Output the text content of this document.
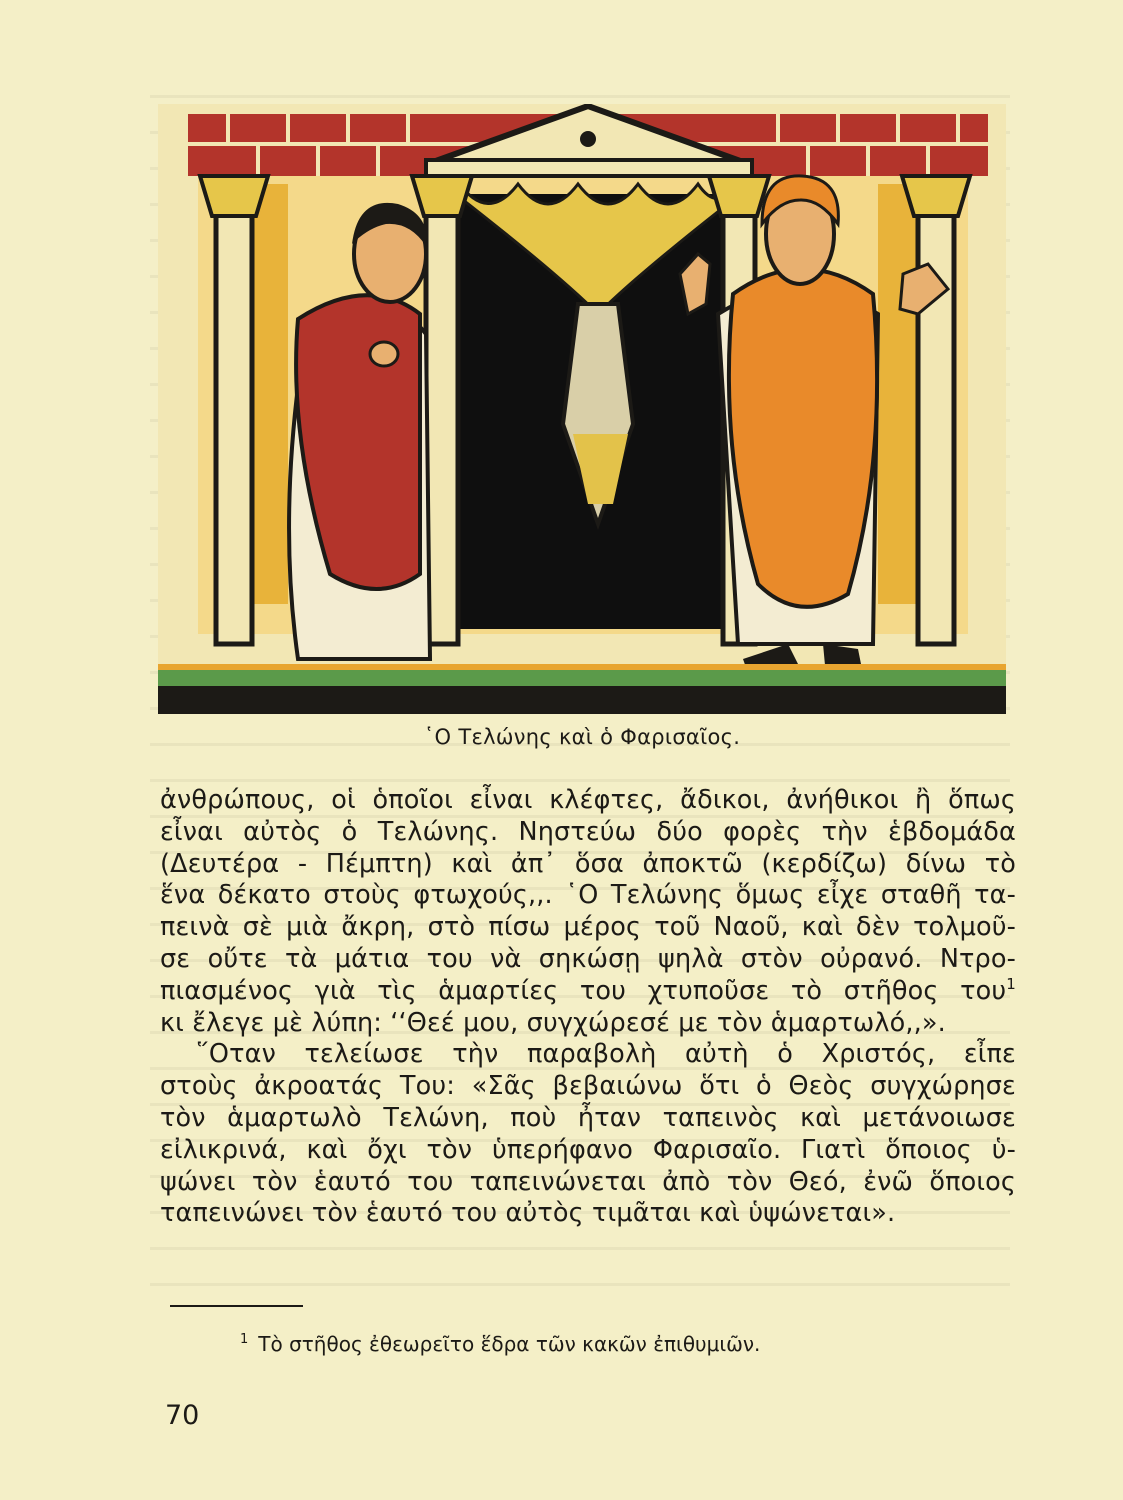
῾Ο Τελώνης καὶ ὁ Φαρισαῖος.
ἀνθρώπους, οἱ ὁποῖοι εἶναι κλέφτες, ἄδικοι, ἀνήθικοι ἢ ὅπως
εἶναι αὐτὸς ὁ Τελώνης. Νηστεύω δύο φορὲς τὴν ἑβδομάδα
(Δευτέρα - Πέμπτη) καὶ ἀπ᾿ ὅσα ἀποκτῶ (κερδίζω) δίνω τὸ
ἕνα δέκατο στοὺς φτωχούς,,. ῾Ο Τελώνης ὅμως εἶχε σταθῆ τα-
πεινὰ σὲ μιὰ ἄκρη, στὸ πίσω μέρος τοῦ Ναοῦ, καὶ δὲν τολμοῦ-
σε οὔτε τὰ μάτια του νὰ σηκώσῃ ψηλὰ στὸν οὐρανό. Ντρο-
πιασμένος γιὰ τὶς ἁμαρτίες του χτυποῦσε τὸ στῆθος του$^1$
κι ἔλεγε μὲ λύπη: ‘‘Θεέ μου, συγχώρεσέ με τὸν ἁμαρτωλό,,».
῞Οταν τελείωσε τὴν παραβολὴ αὐτὴ ὁ Χριστός, εἶπε
στοὺς ἀκροατάς Του: «Σᾶς βεβαιώνω ὅτι ὁ Θεὸς συγχώρησε
τὸν ἁμαρτωλὸ Τελώνη, ποὺ ἦταν ταπεινὸς καὶ μετάνοιωσε
εἰλικρινά, καὶ ὄχι τὸν ὑπερήφανο Φαρισαῖο. Γιατὶ ὅποιος ὑ-
ψώνει τὸν ἑαυτό του ταπεινώνεται ἀπὸ τὸν Θεό, ἐνῶ ὅποιος
ταπεινώνει τὸν ἑαυτό του αὐτὸς τιμᾶται καὶ ὑψώνεται».
$^1$ Τὸ στῆθος ἐθεωρεῖτο ἕδρα τῶν κακῶν ἐπιθυμιῶν.
70
